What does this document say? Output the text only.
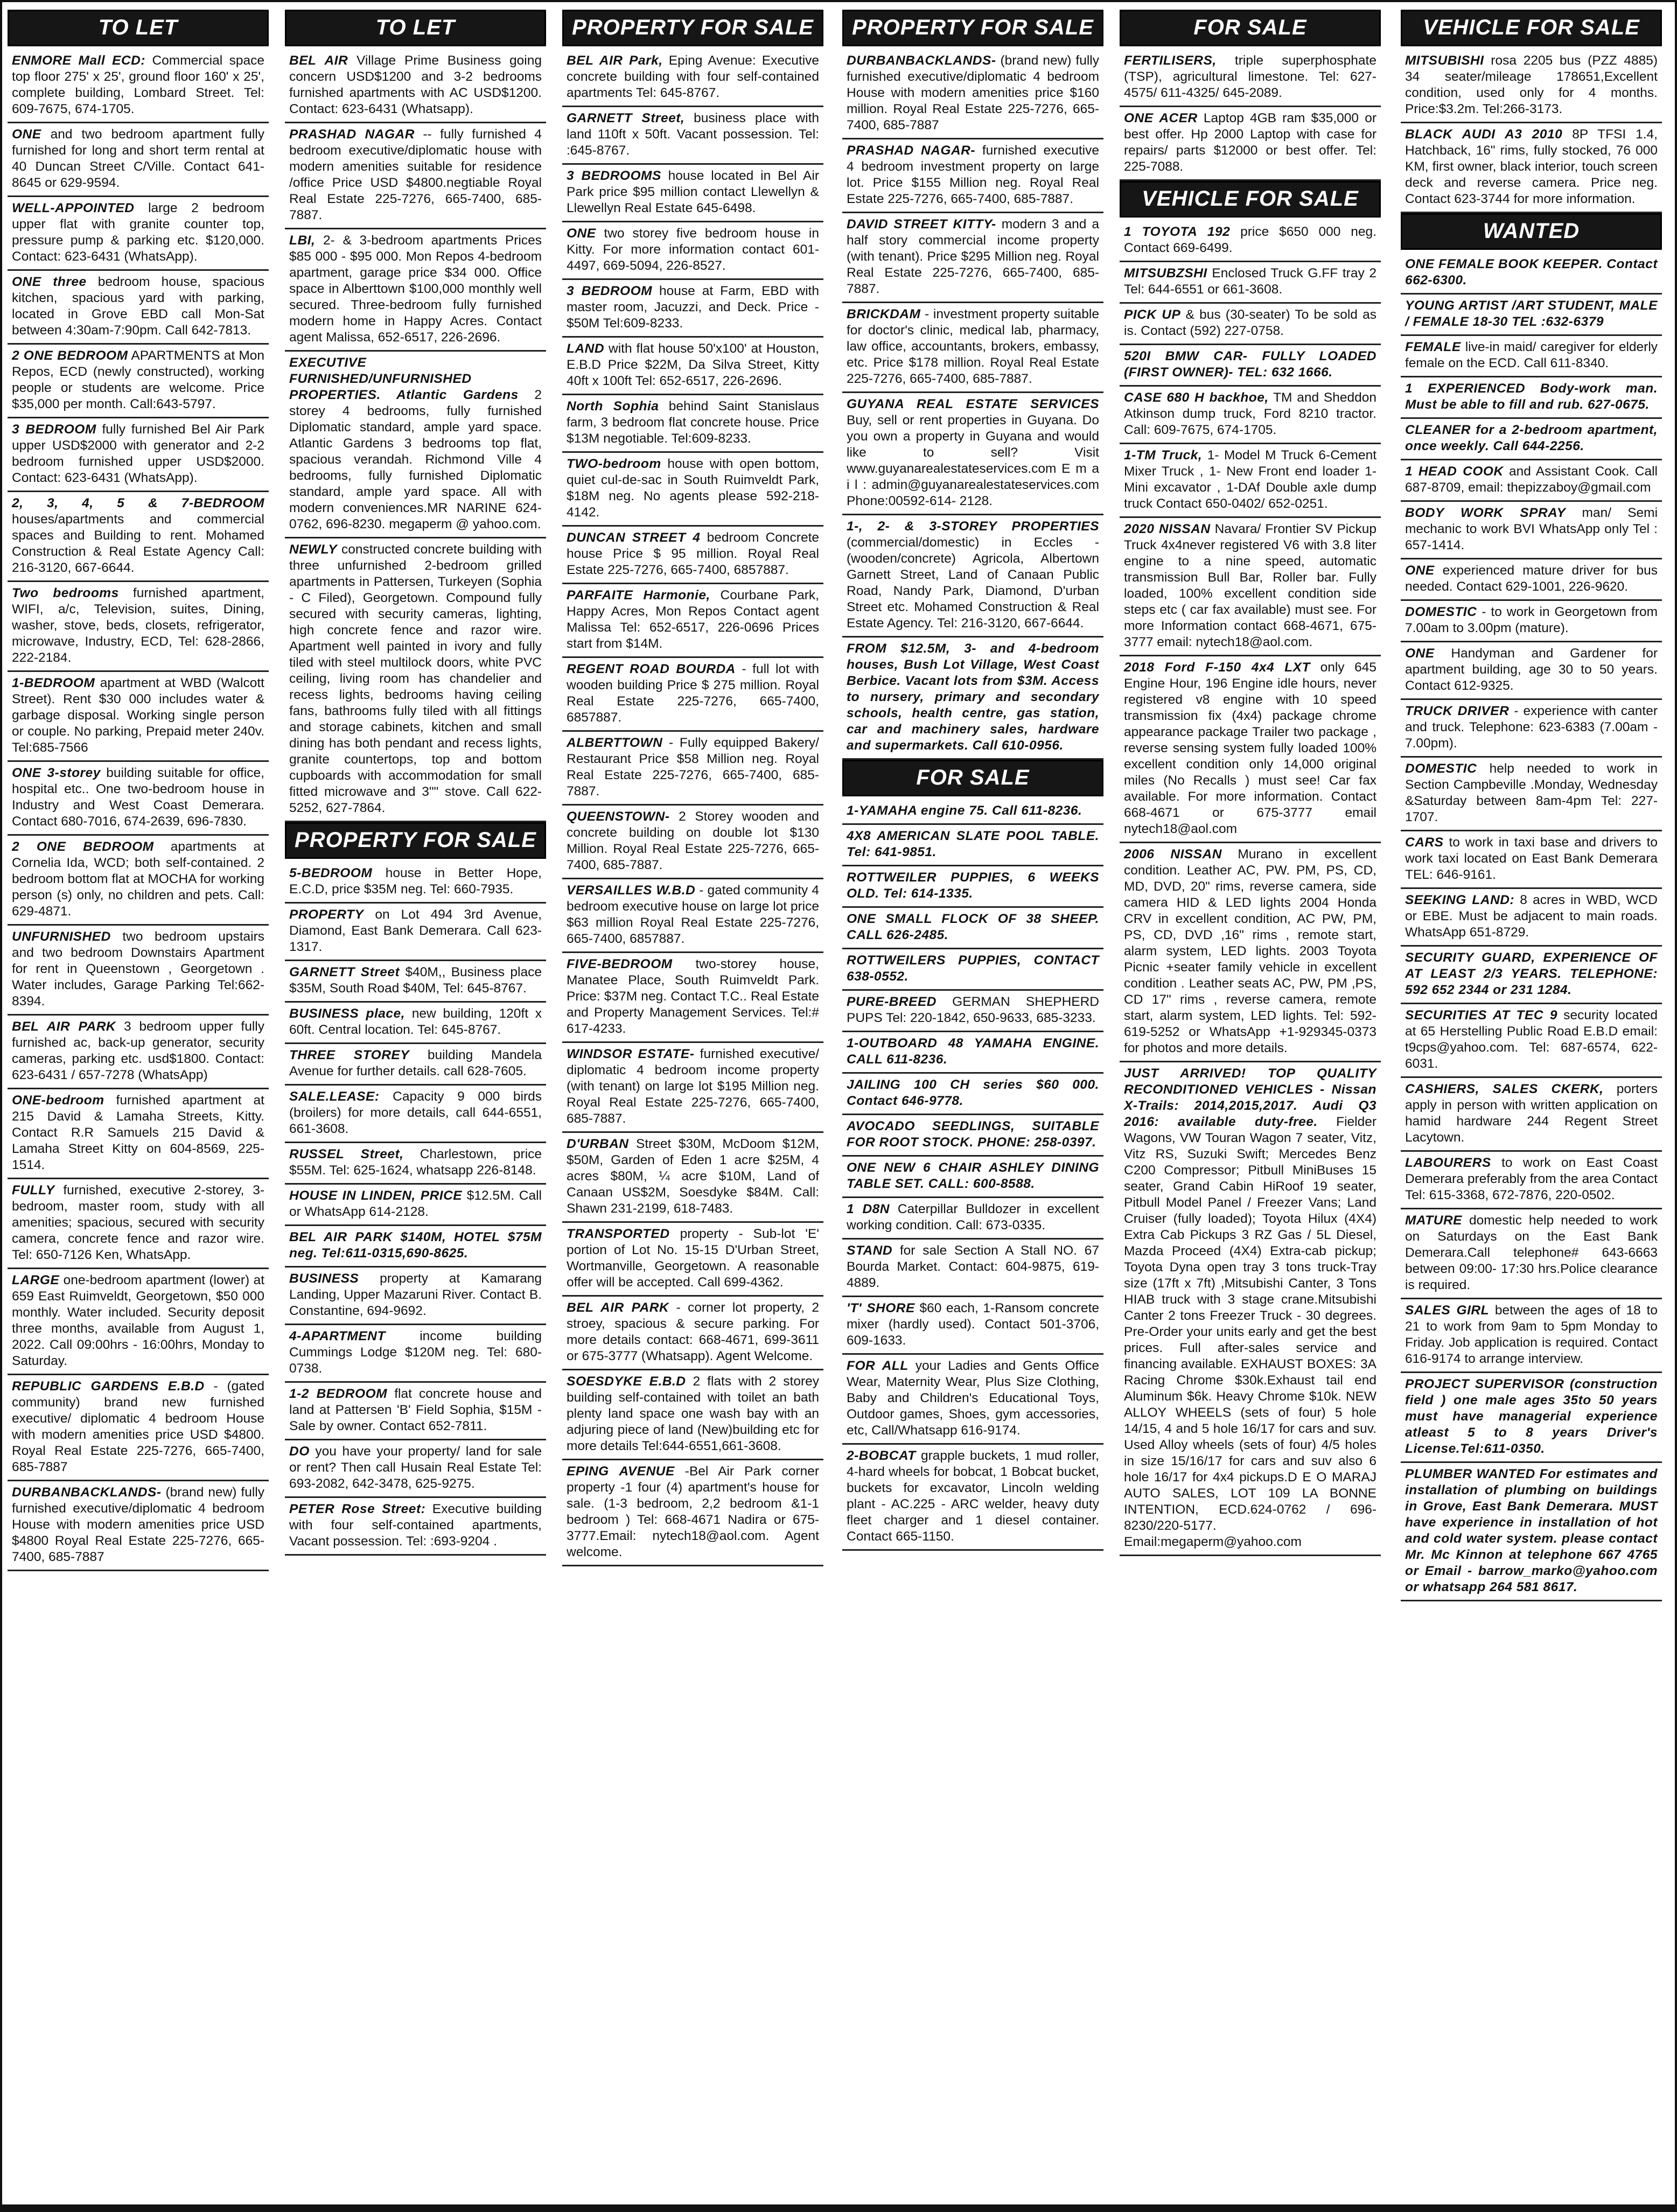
TO LET
ENMORE Mall ECD: Commercial space top floor 275' x 25', ground floor 160' x 25', complete building, Lombard Street. Tel: 609-7675, 674-1705.
ONE and two bedroom apartment fully furnished for long and short term rental at 40 Duncan Street C/Ville. Contact 641-8645 or 629-9594.
WELL-APPOINTED large 2 bedroom upper flat with granite counter top, pressure pump & parking etc. $120,000. Contact: 623-6431 (WhatsApp).
ONE three bedroom house, spacious kitchen, spacious yard with parking, located in Grove EBD call Mon-Sat between 4:30am-7:90pm. Call 642-7813.
2 ONE BEDROOM APARTMENTS at Mon Repos, ECD (newly constructed), working people or students are welcome. Price $35,000 per month. Call:643-5797.
3 BEDROOM fully furnished Bel Air Park upper USD$2000 with generator and 2-2 bedroom furnished upper USD$2000. Contact: 623-6431 (WhatsApp).
2, 3, 4, 5 & 7-BEDROOM houses/apartments and commercial spaces and Building to rent. Mohamed Construction & Real Estate Agency Call: 216-3120, 667-6644.
Two bedrooms furnished apartment, WIFI, a/c, Television, suites, Dining, washer, stove, beds, closets, refrigerator, microwave, Industry, ECD, Tel: 628-2866, 222-2184.
1-BEDROOM apartment at WBD (Walcott Street). Rent $30 000 includes water & garbage disposal. Working single person or couple. No parking, Prepaid meter 240v. Tel:685-7566
ONE 3-storey building suitable for office, hospital etc.. One two-bedroom house in Industry and West Coast Demerara. Contact 680-7016, 674-2639, 696-7830.
2 ONE BEDROOM apartments at Cornelia Ida, WCD; both self-contained. 2 bedroom bottom flat at MOCHA for working person (s) only, no children and pets. Call: 629-4871.
UNFURNISHED two bedroom upstairs and two bedroom Downstairs Apartment for rent in Queenstown , Georgetown . Water includes, Garage Parking Tel:662-8394.
BEL AIR PARK 3 bedroom upper fully furnished ac, back-up generator, security cameras, parking etc. usd$1800. Contact: 623-6431 / 657-7278 (WhatsApp)
ONE-bedroom furnished apartment at 215 David & Lamaha Streets, Kitty. Contact R.R Samuels 215 David & Lamaha Street Kitty on 604-8569, 225-1514.
FULLY furnished, executive 2-storey, 3-bedroom, master room, study with all amenities; spacious, secured with security camera, concrete fence and razor wire. Tel: 650-7126 Ken, WhatsApp.
LARGE one-bedroom apartment (lower) at 659 East Ruimveldt, Georgetown, $50 000 monthly. Water included. Security deposit three months, available from August 1, 2022. Call 09:00hrs - 16:00hrs, Monday to Saturday.
REPUBLIC GARDENS E.B.D - (gated community) brand new furnished executive/ diplomatic 4 bedroom House with modern amenities price USD $4800. Royal Real Estate 225-7276, 665-7400, 685-7887
DURBANBACKLANDS- (brand new) fully furnished executive/diplomatic 4 bedroom House with modern amenities price USD $4800 Royal Real Estate 225-7276, 665-7400, 685-7887
TO LET
BEL AIR Village Prime Business going concern USD$1200 and 3-2 bedrooms furnished apartments with AC USD$1200. Contact: 623-6431 (Whatsapp).
PRASHAD NAGAR -- fully furnished 4 bedroom executive/diplomatic house with modern amenities suitable for residence /office Price USD $4800.negtiable Royal Real Estate 225-7276, 665-7400, 685-7887.
LBI, 2- & 3-bedroom apartments Prices $85 000 - $95 000. Mon Repos 4-bedroom apartment, garage price $34 000. Office space in Alberttown $100,000 monthly well secured. Three-bedroom fully furnished modern home in Happy Acres. Contact agent Malissa, 652-6517, 226-2696.
EXECUTIVE FURNISHED/UNFURNISHED PROPERTIES. Atlantic Gardens 2 storey 4 bedrooms, fully furnished Diplomatic standard, ample yard space. Atlantic Gardens 3 bedrooms top flat, spacious verandah. Richmond Ville 4 bedrooms, fully furnished Diplomatic standard, ample yard space. All with modern conveniences.MR NARINE 624-0762, 696-8230. megaperm @ yahoo.com.
NEWLY constructed concrete building with three unfurnished 2-bedroom grilled apartments in Pattersen, Turkeyen (Sophia - C Filed), Georgetown. Compound fully secured with security cameras, lighting, high concrete fence and razor wire. Apartment well painted in ivory and fully tiled with steel multilock doors, white PVC ceiling, living room has chandelier and recess lights, bedrooms having ceiling fans, bathrooms fully tiled with all fittings and storage cabinets, kitchen and small dining has both pendant and recess lights, granite countertops, top and bottom cupboards with accommodation for small fitted microwave and 3"" stove. Call 622-5252, 627-7864.
PROPERTY FOR SALE
5-BEDROOM house in Better Hope, E.C.D, price $35M neg. Tel: 660-7935.
PROPERTY on Lot 494 3rd Avenue, Diamond, East Bank Demerara. Call 623-1317.
GARNETT Street $40M,, Business place $35M, South Road $40M, Tel: 645-8767.
BUSINESS place, new building, 120ft x 60ft. Central location. Tel: 645-8767.
THREE STOREY building Mandela Avenue for further details. call 628-7605.
SALE.LEASE: Capacity 9 000 birds (broilers) for more details, call 644-6551, 661-3608.
RUSSEL Street, Charlestown, price $55M. Tel: 625-1624, whatsapp 226-8148.
HOUSE IN LINDEN, PRICE $12.5M. Call or WhatsApp 614-2128.
BEL AIR PARK $140M, HOTEL $75M neg. Tel:611-0315,690-8625.
BUSINESS property at Kamarang Landing, Upper Mazaruni River. Contact B. Constantine, 694-9692.
4-APARTMENT	income building Cummings Lodge $120M neg. Tel: 680-0738.
1-2 BEDROOM flat concrete house and land at Pattersen 'B' Field Sophia, $15M - Sale by owner. Contact 652-7811.
DO you have your property/ land for sale or rent? Then call Husain Real Estate Tel: 693-2082, 642-3478, 625-9275.
PETER Rose Street: Executive building with four self-contained apartments, Vacant possession. Tel: :693-9204 .
PROPERTY FOR SALE
BEL AIR Park, Eping Avenue: Executive concrete building with four self-contained apartments Tel: 645-8767.
GARNETT Street, business place with land 110ft x 50ft. Vacant possession. Tel: :645-8767.
3 BEDROOMS house located in Bel Air Park price $95 million contact Llewellyn & Llewellyn Real Estate 645-6498.
ONE two storey five bedroom house in Kitty. For more information contact 601-4497, 669-5094, 226-8527.
3 BEDROOM house at Farm, EBD with master room, Jacuzzi, and Deck. Price - $50M Tel:609-8233.
LAND with flat house 50'x100' at Houston, E.B.D Price $22M, Da Silva Street, Kitty 40ft x 100ft Tel: 652-6517, 226-2696.
North Sophia behind Saint Stanislaus farm, 3 bedroom flat concrete house. Price $13M negotiable. Tel:609-8233.
TWO-bedroom house with open bottom, quiet cul-de-sac in South Ruimveldt Park, $18M neg. No agents please 592-218-4142.
DUNCAN STREET 4 bedroom Concrete house Price $ 95 million. Royal Real Estate 225-7276, 665-7400, 6857887.
PARFAITE Harmonie, Courbane Park, Happy Acres, Mon Repos Contact agent Malissa Tel: 652-6517, 226-0696 Prices start from $14M.
REGENT ROAD BOURDA - full lot with wooden building Price $ 275 million. Royal Real Estate 225-7276, 665-7400, 6857887.
ALBERTTOWN - Fully equipped Bakery/ Restaurant Price $58 Million neg. Royal Real Estate 225-7276, 665-7400, 685-7887.
QUEENSTOWN- 2 Storey wooden and concrete building on double lot $130 Million. Royal Real Estate 225-7276, 665-7400, 685-7887.
VERSAILLES W.B.D - gated community 4 bedroom executive house on large lot price $63 million Royal Real Estate 225-7276, 665-7400, 6857887.
FIVE-BEDROOM two-storey house, Manatee Place, South Ruimveldt Park. Price: $37M neg. Contact T.C.. Real Estate and Property Management Services. Tel:# 617-4233.
WINDSOR ESTATE- furnished executive/ diplomatic 4 bedroom income property (with tenant) on large lot $195 Million neg. Royal Real Estate 225-7276, 665-7400, 685-7887.
D'URBAN Street $30M, McDoom $12M, $50M, Garden of Eden 1 acre $25M, 4 acres $80M, ¼ acre $10M, Land of Canaan US$2M, Soesdyke $84M. Call: Shawn 231-2199, 618-7483.
TRANSPORTED property - Sub-lot 'E' portion of Lot No. 15-15 D'Urban Street, Wortmanville, Georgetown. A reasonable offer will be accepted. Call 699-4362.
BEL AIR PARK - corner lot property, 2 stroey, spacious & secure parking. For more details contact: 668-4671, 699-3611 or 675-3777 (Whatsapp). Agent Welcome.
SOESDYKE E.B.D 2 flats with 2 storey building self-contained with toilet an bath plenty land space one wash bay with an adjuring piece of land (New)building etc for more details Tel:644-6551,661-3608.
EPING AVENUE -Bel Air Park corner property -1 four (4) apartment's house for sale. (1-3 bedroom, 2,2 bedroom &1-1 bedroom ) Tel: 668-4671 Nadira or 675-3777.Email: nytech18@aol.com. Agent welcome.
PROPERTY FOR SALE
DURBANBACKLANDS- (brand new) fully furnished executive/diplomatic 4 bedroom House with modern amenities price $160 million. Royal Real Estate 225-7276, 665-7400, 685-7887
PRASHAD NAGAR- furnished executive 4 bedroom investment property on large lot. Price $155 Million neg. Royal Real Estate 225-7276, 665-7400, 685-7887.
DAVID STREET KITTY- modern 3 and a half story commercial income property (with tenant). Price $295 Million neg. Royal Real Estate 225-7276, 665-7400, 685-7887.
BRICKDAM - investment property suitable for doctor's clinic, medical lab, pharmacy, law office, accountants, brokers, embassy, etc. Price $178 million. Royal Real Estate 225-7276, 665-7400, 685-7887.
GUYANA REAL ESTATE SERVICES Buy, sell or rent properties in Guyana. Do you own a property in Guyana and would like to sell? Visit www.guyanarealestateservices.com E m a i l : admin@guyanarealestateservices.com Phone:00592-614- 2128.
1-, 2- & 3-STOREY PROPERTIES (commercial/domestic) in Eccles - (wooden/concrete) Agricola, Albertown Garnett Street, Land of Canaan Public Road, Nandy Park, Diamond, D'urban Street etc. Mohamed Construction & Real Estate Agency. Tel: 216-3120, 667-6644.
FROM $12.5M, 3- and 4-bedroom houses, Bush Lot Village, West Coast Berbice. Vacant lots from $3M. Access to nursery, primary and secondary schools, health centre, gas station, car and machinery sales, hardware and supermarkets. Call 610-0956.
FOR SALE
1-YAMAHA engine 75. Call 611-8236.
4X8 AMERICAN SLATE POOL TABLE. Tel: 641-9851.
ROTTWEILER PUPPIES, 6 WEEKS OLD. Tel: 614-1335.
ONE SMALL FLOCK OF 38 SHEEP. CALL 626-2485.
ROTTWEILERS PUPPIES, CONTACT 638-0552.
PURE-BREED GERMAN SHEPHERD PUPS Tel: 220-1842, 650-9633, 685-3233.
1-OUTBOARD 48 YAMAHA ENGINE. CALL 611-8236.
JAILING 100 CH series $60 000. Contact 646-9778.
AVOCADO SEEDLINGS, SUITABLE FOR ROOT STOCK. PHONE: 258-0397.
ONE NEW 6 CHAIR ASHLEY DINING TABLE SET. CALL: 600-8588.
1 D8N Caterpillar Bulldozer in excellent working condition. Call: 673-0335.
STAND for sale Section A Stall NO. 67 Bourda Market. Contact: 604-9875, 619-4889.
'T' SHORE $60 each, 1-Ransom concrete mixer (hardly used). Contact 501-3706, 609-1633.
FOR ALL your Ladies and Gents Office Wear, Maternity Wear, Plus Size Clothing, Baby and Children's Educational Toys, Outdoor games, Shoes, gym accessories, etc, Call/Whatsapp 616-9174.
2-BOBCAT grapple buckets, 1 mud roller, 4-hard wheels for bobcat, 1 Bobcat bucket, buckets for excavator, Lincoln welding plant - AC.225 - ARC welder, heavy duty fleet charger and 1 diesel container. Contact 665-1150.
FOR SALE
FERTILISERS, triple superphosphate (TSP), agricultural limestone. Tel: 627-4575/ 611-4325/ 645-2089.
ONE ACER Laptop 4GB ram $35,000 or best offer. Hp 2000 Laptop with case for repairs/ parts $12000 or best offer. Tel: 225-7088.
VEHICLE FOR SALE
1 TOYOTA 192 price $650 000 neg. Contact 669-6499.
MITSUBZSHI Enclosed Truck G.FF tray 2 Tel: 644-6551 or 661-3608.
PICK UP & bus (30-seater) To be sold as is. Contact (592) 227-0758.
520I BMW CAR- FULLY LOADED (FIRST OWNER)- TEL: 632 1666.
CASE 680 H backhoe, TM and Sheddon Atkinson dump truck, Ford 8210 tractor. Call: 609-7675, 674-1705.
1-TM Truck, 1- Model M Truck 6-Cement Mixer Truck , 1- New Front end loader 1-Mini excavator , 1-DAf Double axle dump truck Contact 650-0402/ 652-0251.
2020 NISSAN Navara/ Frontier SV Pickup Truck 4x4never registered V6 with 3.8 liter engine to a nine speed, automatic transmission Bull Bar, Roller bar. Fully loaded, 100% excellent condition side steps etc ( car fax available) must see. For more Information contact 668-4671, 675-3777 email: nytech18@aol.com.
2018 Ford F-150 4x4 LXT only 645 Engine Hour, 196 Engine idle hours, never registered v8 engine with 10 speed transmission fix (4x4) package chrome appearance package Trailer two package , reverse sensing system fully loaded 100% excellent condition only 14,000 original miles (No Recalls ) must see! Car fax available. For more information. Contact 668-4671 or 675-3777 email nytech18@aol.com
2006 NISSAN Murano in excellent condition. Leather AC, PW. PM, PS, CD, MD, DVD, 20" rims, reverse camera, side camera HID & LED lights 2004 Honda CRV in excellent condition, AC PW, PM, PS, CD, DVD ,16" rims , remote start, alarm system, LED lights. 2003 Toyota Picnic +seater family vehicle in excellent condition . Leather seats AC, PW, PM ,PS, CD 17" rims , reverse camera, remote start, alarm system, LED lights. Tel: 592-619-5252 or WhatsApp +1-929345-0373 for photos and more details.
JUST ARRIVED! TOP QUALITY RECONDITIONED VEHICLES - Nissan X-Trails: 2014,2015,2017. Audi Q3 2016: available duty-free. Fielder Wagons, VW Touran Wagon 7 seater, Vitz, Vitz RS, Suzuki Swift; Mercedes Benz C200 Compressor; Pitbull MiniBuses 15 seater, Grand Cabin HiRoof 19 seater, Pitbull Model Panel / Freezer Vans; Land Cruiser (fully loaded); Toyota Hilux (4X4) Extra Cab Pickups 3 RZ Gas / 5L Diesel, Mazda Proceed (4X4) Extra-cab pickup; Toyota Dyna open tray 3 tons truck-Tray size (17ft x 7ft) ,Mitsubishi Canter, 3 Tons HIAB truck with 3 stage crane.Mitsubishi Canter 2 tons Freezer Truck - 30 degrees. Pre-Order your units early and get the best prices. Full after-sales service and financing available. EXHAUST BOXES: 3A Racing Chrome $30k.Exhaust tail end Aluminum $6k. Heavy Chrome $10k. NEW ALLOY WHEELS (sets of four) 5 hole 14/15, 4 and 5 hole 16/17 for cars and suv. Used Alloy wheels (sets of four) 4/5 holes in size 15/16/17 for cars and suv also 6 hole 16/17 for 4x4 pickups.D E O MARAJ AUTO SALES, LOT 109 LA BONNE INTENTION, ECD.624-0762 / 696-8230/220-5177. Email:megaperm@yahoo.com
VEHICLE FOR SALE
MITSUBISHI rosa 2205 bus (PZZ 4885) 34 seater/mileage 178651,Excellent condition, used only for 4 months. Price:$3.2m. Tel:266-3173.
BLACK AUDI A3 2010 8P TFSI 1.4, Hatchback, 16" rims, fully stocked, 76 000 KM, first owner, black interior, touch screen deck and reverse camera. Price neg. Contact 623-3744 for more information.
WANTED
ONE FEMALE BOOK KEEPER. Contact 662-6300.
YOUNG ARTIST /ART STUDENT, MALE / FEMALE 18-30 TEL :632-6379
FEMALE live-in maid/ caregiver for elderly female on the ECD. Call 611-8340.
1 EXPERIENCED Body-work man. Must be able to fill and rub. 627-0675.
CLEANER for a 2-bedroom apartment, once weekly. Call 644-2256.
1 HEAD COOK and Assistant Cook. Call 687-8709, email: thepizzaboy@gmail.com
BODY WORK SPRAY man/ Semi mechanic to work BVI WhatsApp only Tel : 657-1414.
ONE experienced mature driver for bus needed. Contact 629-1001, 226-9620.
DOMESTIC - to work in Georgetown from 7.00am to 3.00pm (mature).
ONE Handyman and Gardener for apartment building, age 30 to 50 years. Contact 612-9325.
TRUCK DRIVER - experience with canter and truck. Telephone: 623-6383 (7.00am - 7.00pm).
DOMESTIC help needed to work in Section Campbeville .Monday, Wednesday &Saturday between 8am-4pm Tel: 227-1707.
CARS to work in taxi base and drivers to work taxi located on East Bank Demerara TEL: 646-9161.
SEEKING LAND: 8 acres in WBD, WCD or EBE. Must be adjacent to main roads. WhatsApp 651-8729.
SECURITY GUARD, EXPERIENCE OF AT LEAST 2/3 YEARS. TELEPHONE: 592 652 2344 or 231 1284.
SECURITIES AT TEC 9 security located at 65 Herstelling Public Road E.B.D email: t9cps@yahoo.com. Tel: 687-6574, 622-6031.
CASHIERS, SALES CKERK, porters apply in person with written application on hamid hardware 244 Regent Street Lacytown.
LABOURERS to work on East Coast Demerara preferably from the area Contact Tel: 615-3368, 672-7876, 220-0502.
MATURE domestic help needed to work on Saturdays on the East Bank Demerara.Call telephone# 643-6663 between 09:00- 17:30 hrs.Police clearance is required.
SALES GIRL between the ages of 18 to 21 to work from 9am to 5pm Monday to Friday. Job application is required. Contact 616-9174 to arrange interview.
PROJECT SUPERVISOR (construction field ) one male ages 35to 50 years must have managerial experience atleast 5 to 8 years Driver's License.Tel:611-0350.
PLUMBER WANTED For estimates and installation of plumbing on buildings in Grove, East Bank Demerara. MUST have experience in installation of hot and cold water system. please contact Mr. Mc Kinnon at telephone 667 4765 or Email - barrow_marko@yahoo.com or whatsapp 264 581 8617.
